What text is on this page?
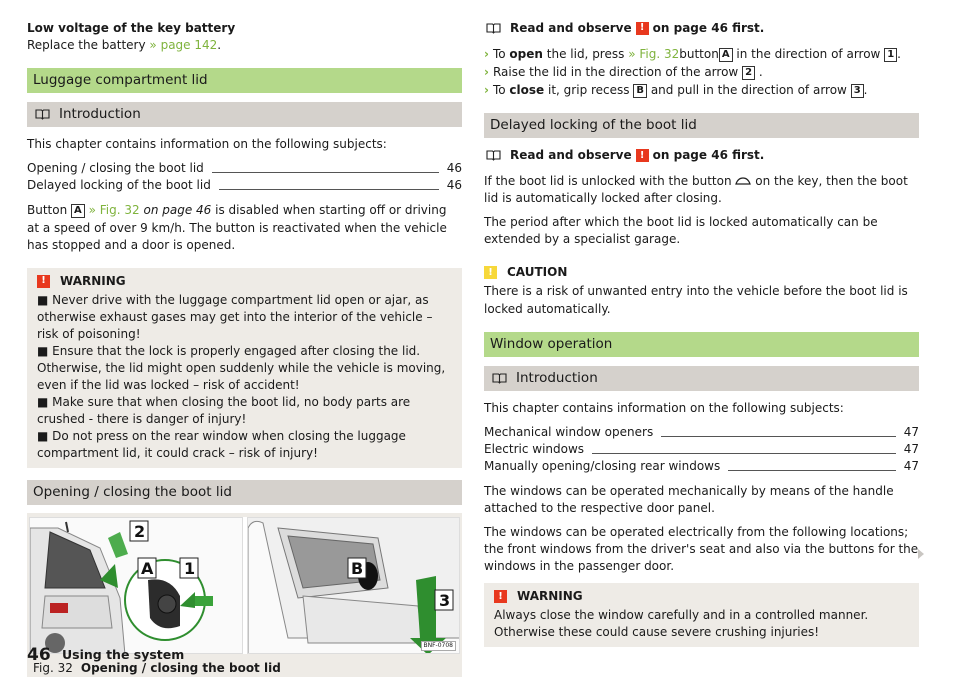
Low voltage of the key battery
Replace the battery » page 142.
Luggage compartment lid
Introduction

This chapter contains information on the following subjects:

Opening / closing the boot lid	46
Delayed locking of the boot lid	46

Button A » Fig. 32 on page 46 is disabled when starting off or driving at a speed of over 9 km/h. The button is reactivated when the vehicle has stopped and a door is opened.

!	WARNING
■ Never drive with the luggage compartment lid open or ajar, as otherwise exhaust gases may get into the interior of the vehicle – risk of poisoning!
■ Ensure that the lock is properly engaged after closing the lid. Otherwise, the lid might open suddenly while the vehicle is moving, even if the lid was locked – risk of accident!
■ Make sure that when closing the boot lid, no body parts are crushed - there is danger of injury!
■ Do not press on the rear window when closing the luggage compartment lid, it could crack – risk of injury!
Opening / closing the boot lid
2
A 1	B
3
BNF-0708
Fig. 32 Opening / closing the boot lid
Read and observe ! on page 46 first.
› To open the lid, press » Fig. 32button A in the direction of arrow 1 .
› Raise the lid in the direction of the arrow 2 .
› To close it, grip recess B and pull in the direction of arrow 3 .
Delayed locking of the boot lid
Read and observe ! on page 46 first.

If the boot lid is unlocked with the button on the key, then the boot lid is automatically locked after closing.

The period after which the boot lid is locked automatically can be extended by a specialist garage.

!	CAUTION
There is a risk of unwanted entry into the vehicle before the boot lid is locked automatically.
Window operation
Introduction

This chapter contains information on the following subjects:

Mechanical window openers	47
Electric windows	47
Manually opening/closing rear windows	47

The windows can be operated mechanically by means of the handle attached to the respective door panel.

The windows can be operated electrically from the following locations; the front windows from the driver's seat and also via the buttons for the windows in the passenger door.

!	WARNING
Always close the window carefully and in a controlled manner. Otherwise these could cause severe crushing injuries!
46 Using the system
